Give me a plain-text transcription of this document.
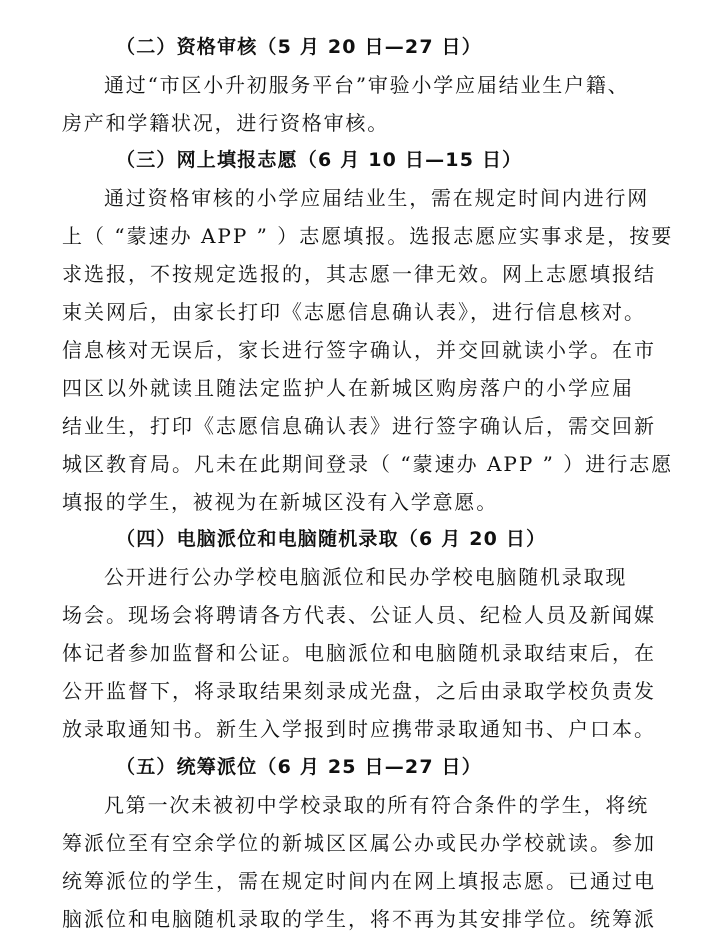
（二）资格审核（5 月 20 日—27 日）
通过“市区小升初服务平台”审验小学应届结业生户籍、
房产和学籍状况，进行资格审核。
（三）网上填报志愿（6 月 10 日—15 日）
通过资格审核的小学应届结业生，需在规定时间内进行网
上（ “蒙速办 APP ” ）志愿填报。选报志愿应实事求是，按要
求选报，不按规定选报的，其志愿一律无效。网上志愿填报结
束关网后，由家长打印《志愿信息确认表》，进行信息核对。
信息核对无误后，家长进行签字确认，并交回就读小学。在市
四区以外就读且随法定监护人在新城区购房落户的小学应届
结业生，打印《志愿信息确认表》进行签字确认后，需交回新
城区教育局。凡未在此期间登录（ “蒙速办 APP ” ）进行志愿
填报的学生，被视为在新城区没有入学意愿。
（四）电脑派位和电脑随机录取（6 月 20 日）
公开进行公办学校电脑派位和民办学校电脑随机录取现
场会。现场会将聘请各方代表、公证人员、纪检人员及新闻媒
体记者参加监督和公证。电脑派位和电脑随机录取结束后，在
公开监督下，将录取结果刻录成光盘，之后由录取学校负责发
放录取通知书。新生入学报到时应携带录取通知书、户口本。
（五）统筹派位（6 月 25 日—27 日）
凡第一次未被初中学校录取的所有符合条件的学生，将统
筹派位至有空余学位的新城区区属公办或民办学校就读。参加
统筹派位的学生，需在规定时间内在网上填报志愿。已通过电
脑派位和电脑随机录取的学生，将不再为其安排学位。统筹派
